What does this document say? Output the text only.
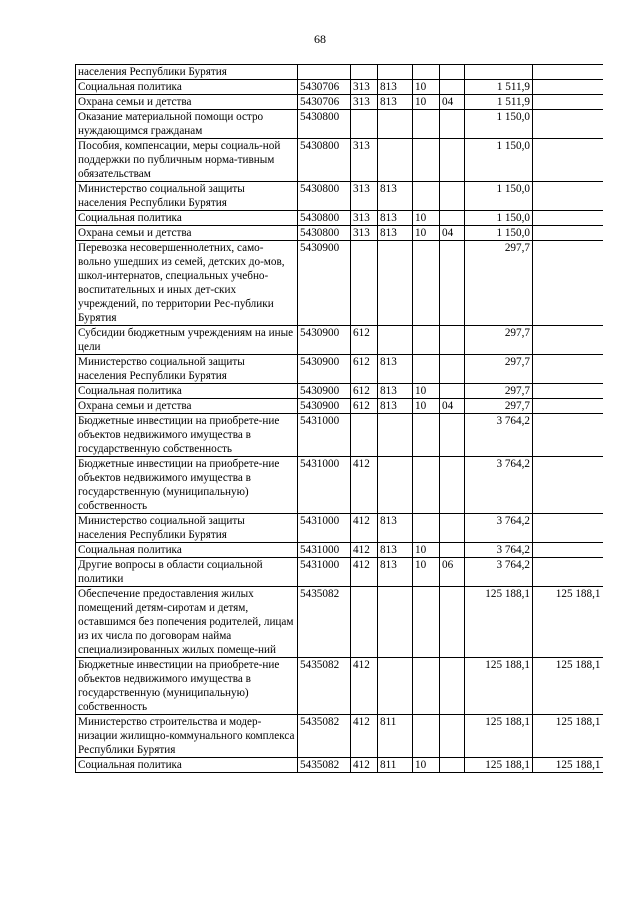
68
населения Республики Бурятия							
Социальная политика	5430706	313	813	10		1 511,9	
Охрана семьи и детства	5430706	313	813	10	04	1 511,9	
Оказание материальной помощи остро нуждающимся гражданам	5430800					1 150,0	
Пособия, компенсации, меры социаль-ной поддержки по публичным норма-тивным обязательствам	5430800	313				1 150,0	
Министерство социальной защиты населения Республики Бурятия	5430800	313	813			1 150,0	
Социальная политика	5430800	313	813	10		1 150,0	
Охрана семьи и детства	5430800	313	813	10	04	1 150,0	
Перевозка несовершеннолетних, само-вольно ушедших из семей, детских до-мов, школ-интернатов, специальных учебно-воспитательных и иных дет-ских учреждений, по территории Рес-публики Бурятия	5430900					297,7	
Субсидии бюджетным учреждениям на иные цели	5430900	612				297,7	
Министерство социальной защиты населения Республики Бурятия	5430900	612	813			297,7	
Социальная политика	5430900	612	813	10		297,7	
Охрана семьи и детства	5430900	612	813	10	04	297,7	
Бюджетные инвестиции на приобрете-ние объектов недвижимого имущества в государственную собственность	5431000					3 764,2	
Бюджетные инвестиции на приобрете-ние объектов недвижимого имущества в государственную (муниципальную) собственность	5431000	412				3 764,2	
Министерство социальной защиты населения Республики Бурятия	5431000	412	813			3 764,2	
Социальная политика	5431000	412	813	10		3 764,2	
Другие вопросы в области социальной политики	5431000	412	813	10	06	3 764,2	
Обеспечение предоставления жилых помещений детям-сиротам и детям, оставшимся без попечения родителей, лицам из их числа по договорам найма специализированных жилых помеще-ний	5435082					125 188,1	125 188,1
Бюджетные инвестиции на приобрете-ние объектов недвижимого имущества в государственную (муниципальную) собственность	5435082	412				125 188,1	125 188,1
Министерство строительства и модер-низации жилищно-коммунального комплекса Республики Бурятия	5435082	412	811			125 188,1	125 188,1
Социальная политика	5435082	412	811	10		125 188,1	125 188,1
